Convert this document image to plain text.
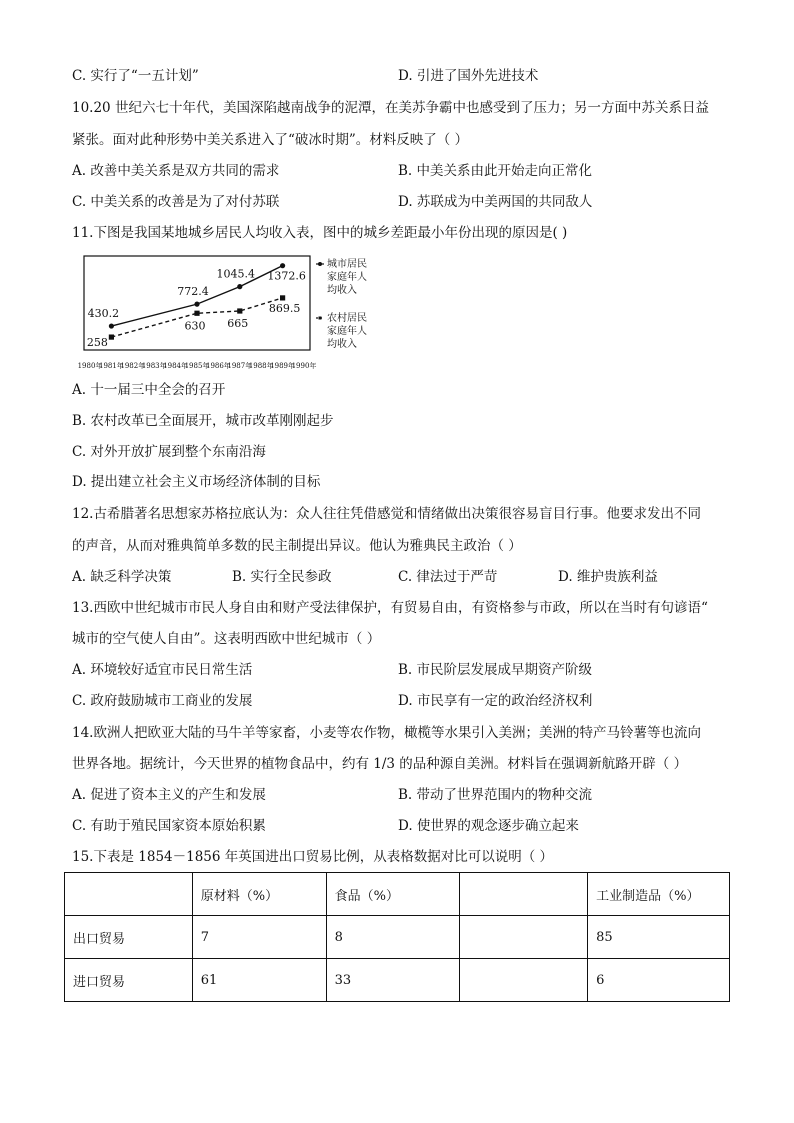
C. 实行了“一五计划”	D. 引进了国外先进技术
10.20 世纪六七十年代，美国深陷越南战争的泥潭，在美苏争霸中也感受到了压力；另一方面中苏关系日益
紧张。面对此种形势中美关系进入了“破冰时期”。材料反映了（ ）
A. 改善中美关系是双方共同的需求	B. 中美关系由此开始走向正常化
C. 中美关系的改善是为了对付苏联	D. 苏联成为中美两国的共同敌人
11.下图是我国某地城乡居民人均收入表，图中的城乡差距最小年份出现的原因是( )
1980年
1981年
1982年
1983年
1984年
1985年
1986年
1987年
1988年
1989年
1990年
430.2
772.4
1045.4 1372.6
258
630 665
869.5
城市居民
家庭年人
均收入
农村居民
家庭年人
均收入
A. 十一届三中全会的召开
B. 农村改革已全面展开，城市改革刚刚起步
C. 对外开放扩展到整个东南沿海
D. 提出建立社会主义市场经济体制的目标
12.古希腊著名思想家苏格拉底认为：众人往往凭借感觉和情绪做出决策很容易盲目行事。他要求发出不同
的声音，从而对雅典简单多数的民主制提出异议。他认为雅典民主政治（ ）
A. 缺乏科学决策	B. 实行全民参政	C. 律法过于严苛	D. 维护贵族利益
13.西欧中世纪城市市民人身自由和财产受法律保护，有贸易自由，有资格参与市政，所以在当时有句谚语“
城市的空气使人自由”。这表明西欧中世纪城市（ ）
A. 环境较好适宜市民日常生活	B. 市民阶层发展成早期资产阶级
C. 政府鼓励城市工商业的发展	D. 市民享有一定的政治经济权利
14.欧洲人把欧亚大陆的马牛羊等家畜，小麦等农作物，橄榄等水果引入美洲；美洲的特产马铃薯等也流向
世界各地。据统计，今天世界的植物食品中，约有 1/3 的品种源自美洲。材料旨在强调新航路开辟（ ）
A. 促进了资本主义的产生和发展	B. 带动了世界范围内的物种交流
C. 有助于殖民国家资本原始积累	D. 使世界的观念逐步确立起来
15.下表是 1854－1856 年英国进出口贸易比例，从表格数据对比可以说明（ ）
	原材料（%）	食品（%）		工业制造品（%）
出口贸易	7	8		85
进口贸易	61	33		6
